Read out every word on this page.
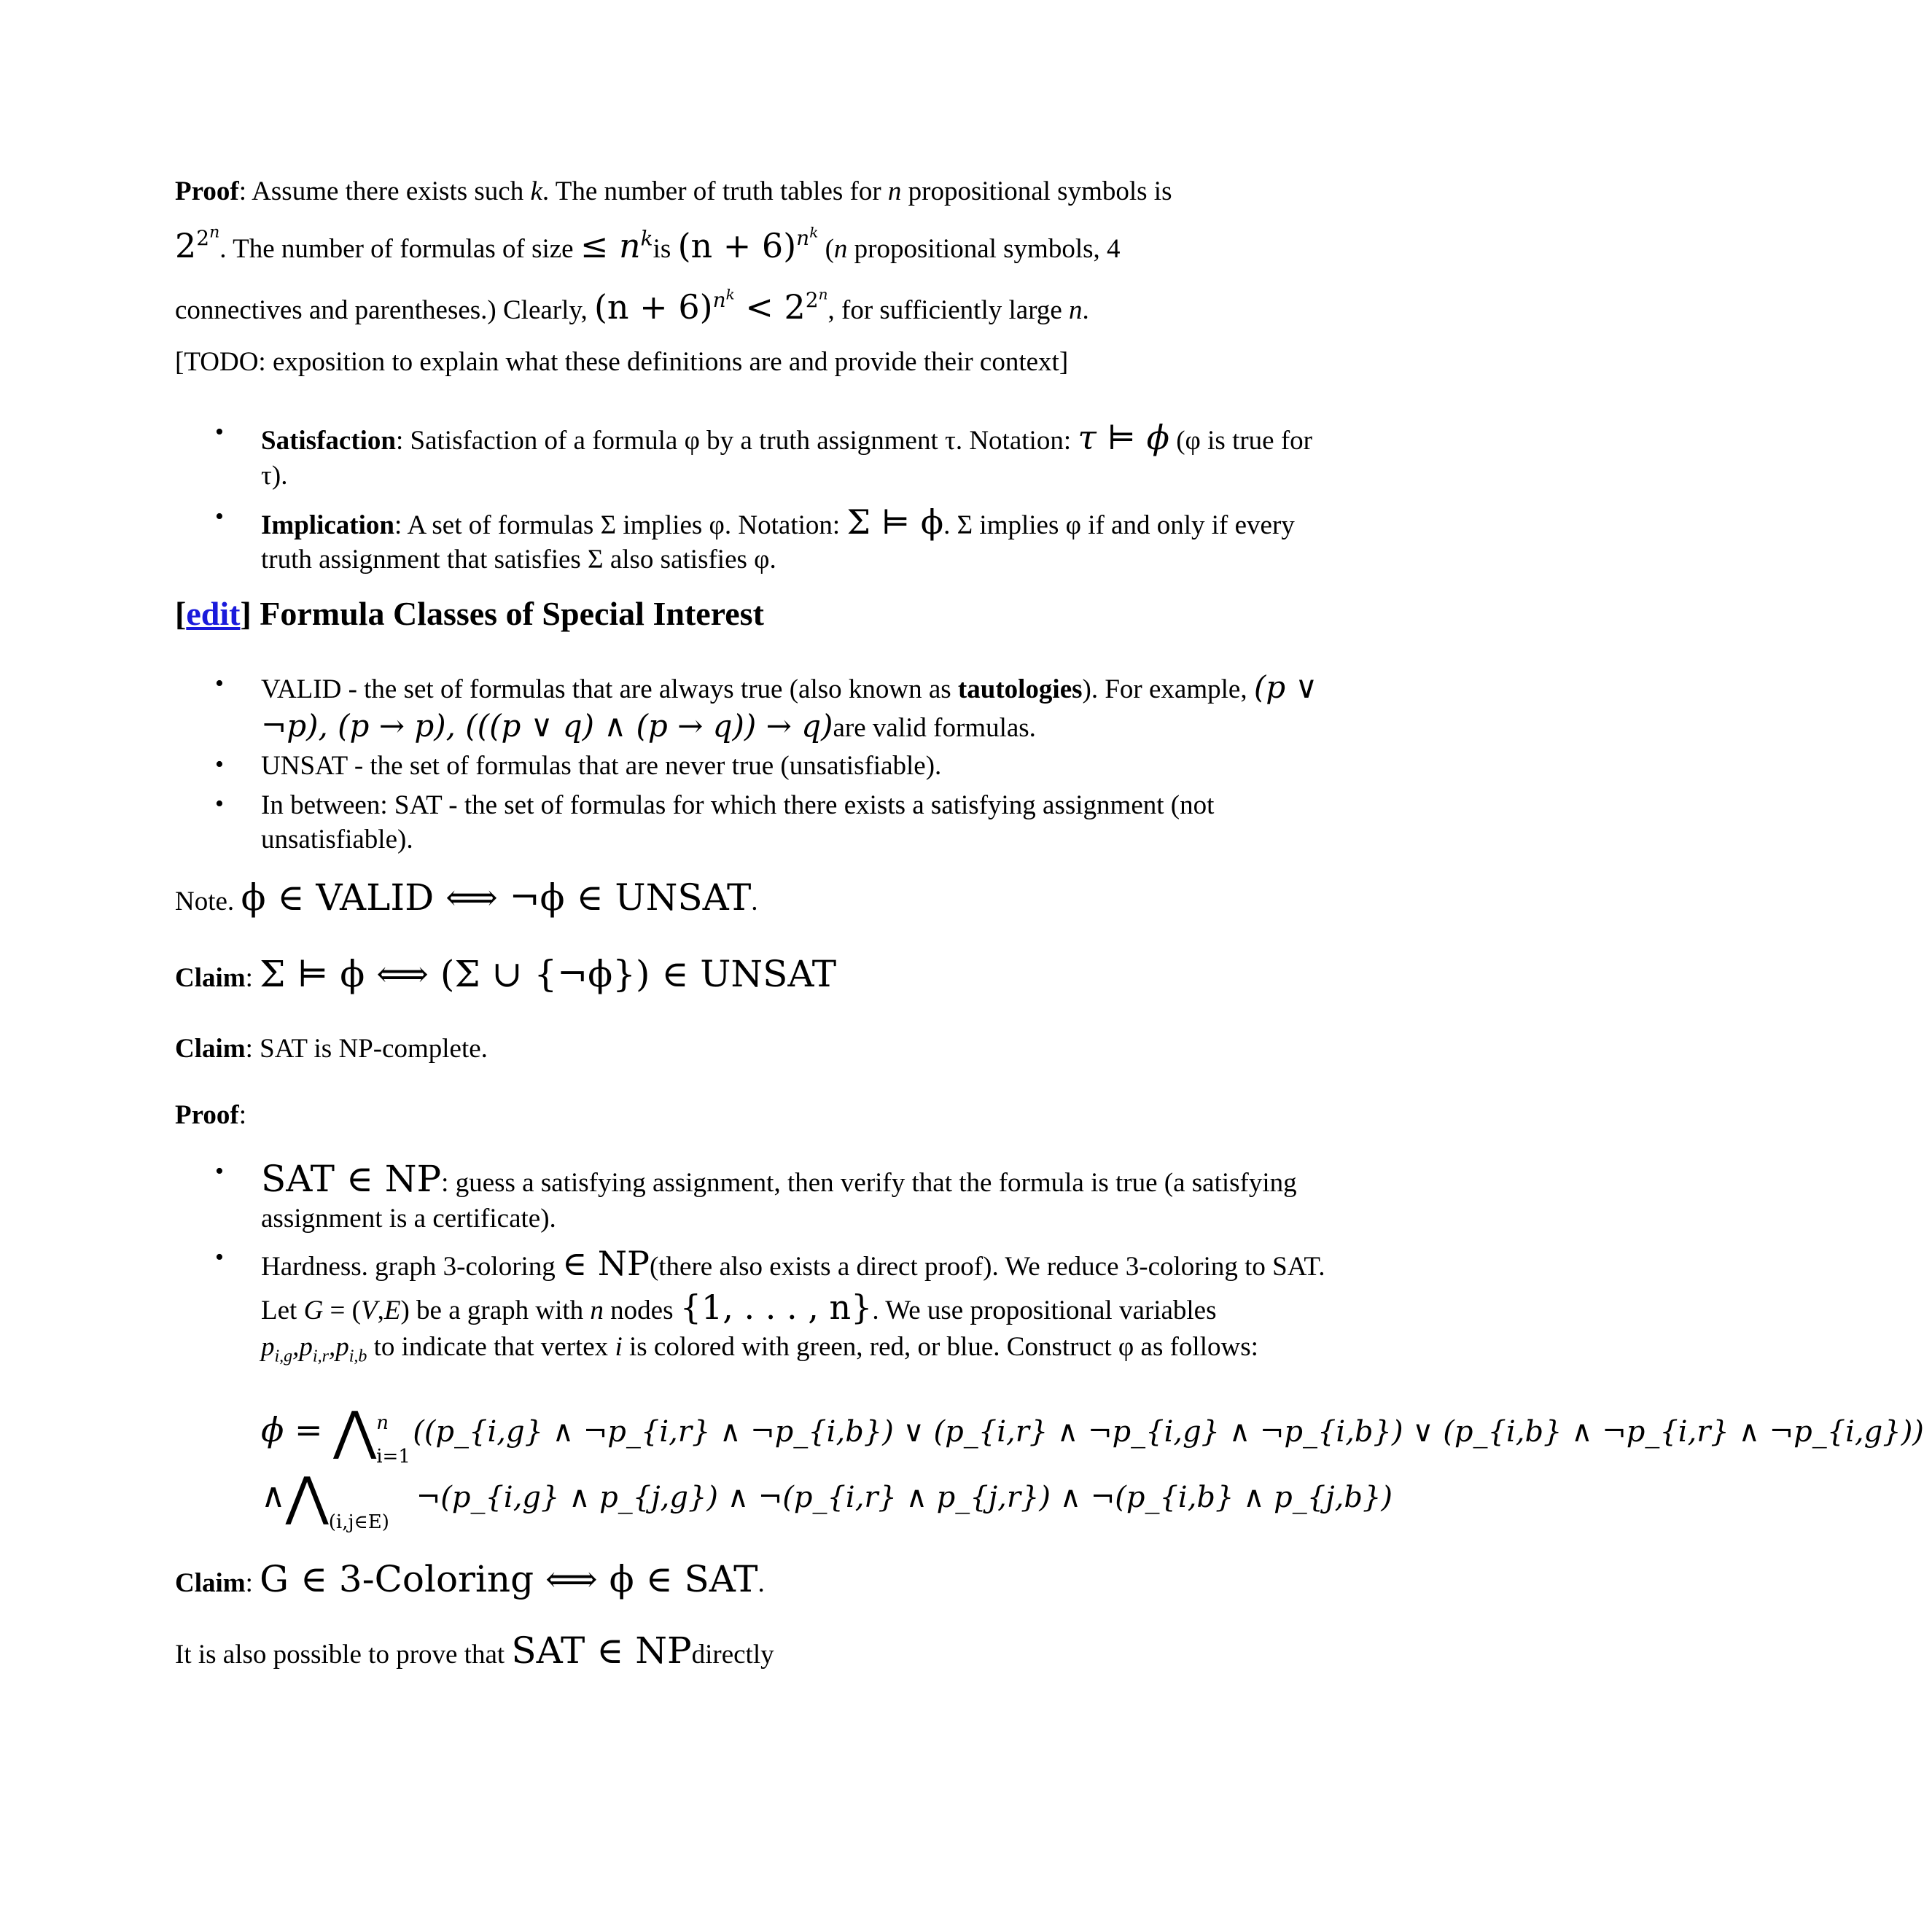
Proof: Assume there exists such k. The number of truth tables for n propositional symbols is
$2^{2^n}$. The number of formulas of size ≤ $n^kis$ $(n + 6)^{n^k}$ (n propositional symbols, 4
connectives and parentheses.) Clearly, $(n + 6)^{n^k} < 2^{2^n}$, for sufficiently large n.
[TODO: exposition to explain what these definitions are and provide their context]
• Satisfaction: Satisfaction of a formula φ by a truth assignment τ. Notation: τ ⊨ ϕ (φ is true for τ).
• Implication: A set of formulas Σ implies φ. Notation: Σ ⊨ ϕ. Σ implies φ if and only if every truth assignment that satisfies Σ also satisfies φ.
[edit] Formula Classes of Special Interest
• VALID - the set of formulas that are always true (also known as tautologies). For example, (p ∨ ¬p), (p → p), (((p ∨ q) ∧ (p → q)) → q)are valid formulas.
• UNSAT - the set of formulas that are never true (unsatisfiable).
• In between: SAT - the set of formulas for which there exists a satisfying assignment (not unsatisfiable).
Note. ϕ ∈ VALID ⟺ ¬ϕ ∈ UNSAT.
Claim: Σ ⊨ ϕ ⟺ (Σ ∪ {¬ϕ}) ∈ UNSAT
Claim: SAT is NP-complete.
Proof:
• SAT ∈ NP: guess a satisfying assignment, then verify that the formula is true (a satisfying assignment is a certificate).
• Hardness. graph 3-coloring ∈ NP(there also exists a direct proof). We reduce 3-coloring to SAT. Let G = (V,E) be a graph with n nodes {1, . . . , n}. We use propositional variables $p_{i,g},p_{i,r},p_{i,b}$ to indicate that vertex i is colored with green, red, or blue. Construct φ as follows:
ϕ = ⋀ n
i=1
((p_{i,g} ∧ ¬p_{i,r} ∧ ¬p_{i,b}) ∨ (p_{i,r} ∧ ¬p_{i,g} ∧ ¬p_{i,b}) ∨ (p_{i,b} ∧ ¬p_{i,r} ∧ ¬p_{i,g}))
∧⋀ (i,j∈E)
¬(p_{i,g} ∧ p_{j,g}) ∧ ¬(p_{i,r} ∧ p_{j,r}) ∧ ¬(p_{i,b} ∧ p_{j,b})
Claim: G ∈ 3-Coloring ⟺ ϕ ∈ SAT.
It is also possible to prove that SAT ∈ NPdirectly
